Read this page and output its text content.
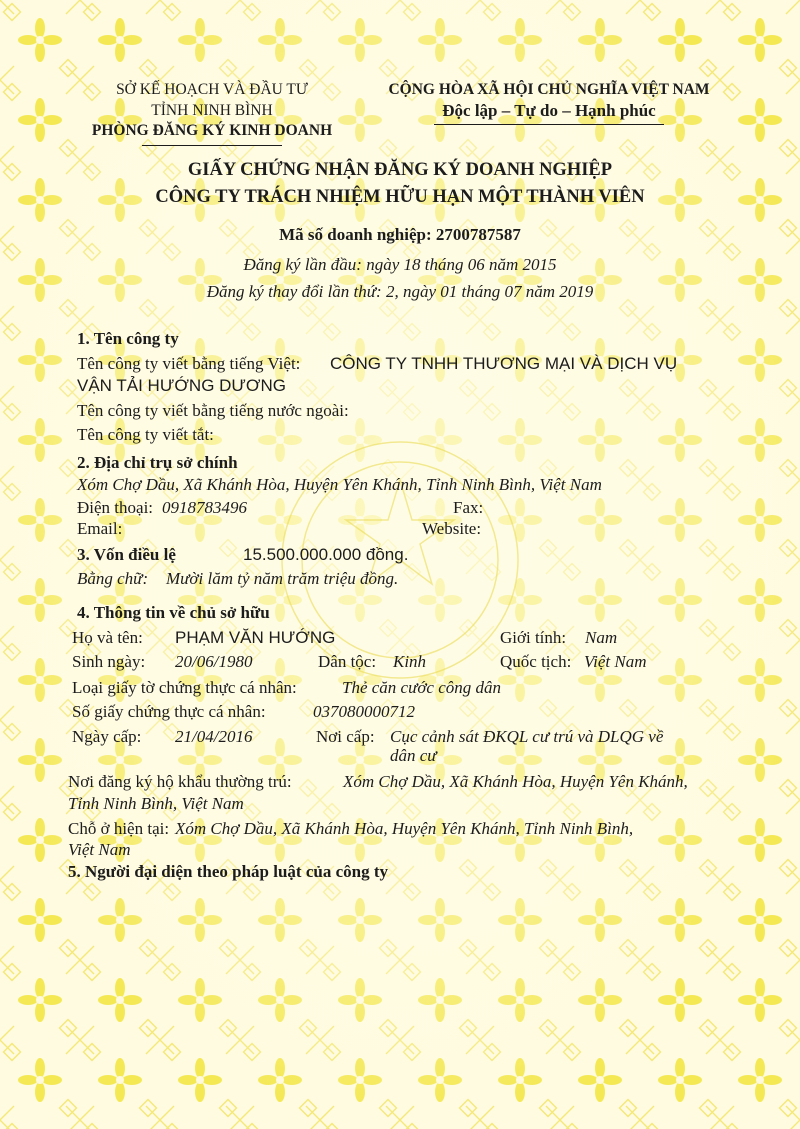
SỞ KẾ HOẠCH VÀ ĐẦU TƯ
TỈNH NINH BÌNH
PHÒNG ĐĂNG KÝ KINH DOANH
CỘNG HÒA XÃ HỘI CHỦ NGHĨA VIỆT NAM
Độc lập – Tự do – Hạnh phúc
GIẤY CHỨNG NHẬN ĐĂNG KÝ DOANH NGHIỆP
CÔNG TY TRÁCH NHIỆM HỮU HẠN MỘT THÀNH VIÊN
Mã số doanh nghiệp: 2700787587
Đăng ký lần đầu: ngày 18 tháng 06 năm 2015
Đăng ký thay đổi lần thứ: 2, ngày 01 tháng 07 năm 2019
1. Tên công ty
Tên công ty viết bằng tiếng Việt: CÔNG TY TNHH THƯƠNG MẠI VÀ DỊCH VỤ
VẬN TẢI HƯỚNG DƯƠNG
Tên công ty viết bằng tiếng nước ngoài:
Tên công ty viết tắt:
2. Địa chỉ trụ sở chính
Xóm Chợ Dầu, Xã Khánh Hòa, Huyện Yên Khánh, Tỉnh Ninh Bình, Việt Nam
Điện thoại: 0918783496	Fax:
Email:	Website:
3. Vốn điều lệ	15.500.000.000 đồng.
Bằng chữ: Mười lăm tỷ năm trăm triệu đồng.
4. Thông tin về chủ sở hữu
Họ và tên: PHẠM VĂN HƯỚNG	Giới tính: Nam
Sinh ngày: 20/06/1980	Dân tộc: Kinh	Quốc tịch: Việt Nam
Loại giấy tờ chứng thực cá nhân:	Thẻ căn cước công dân
Số giấy chứng thực cá nhân:	037080000712
Ngày cấp: 21/04/2016	Nơi cấp: Cục cảnh sát ĐKQL cư trú và DLQG về
dân cư
Nơi đăng ký hộ khẩu thường trú:	Xóm Chợ Dầu, Xã Khánh Hòa, Huyện Yên Khánh,
Tỉnh Ninh Bình, Việt Nam
Chỗ ở hiện tại: Xóm Chợ Dầu, Xã Khánh Hòa, Huyện Yên Khánh, Tỉnh Ninh Bình,
Việt Nam
5. Người đại diện theo pháp luật của công ty
